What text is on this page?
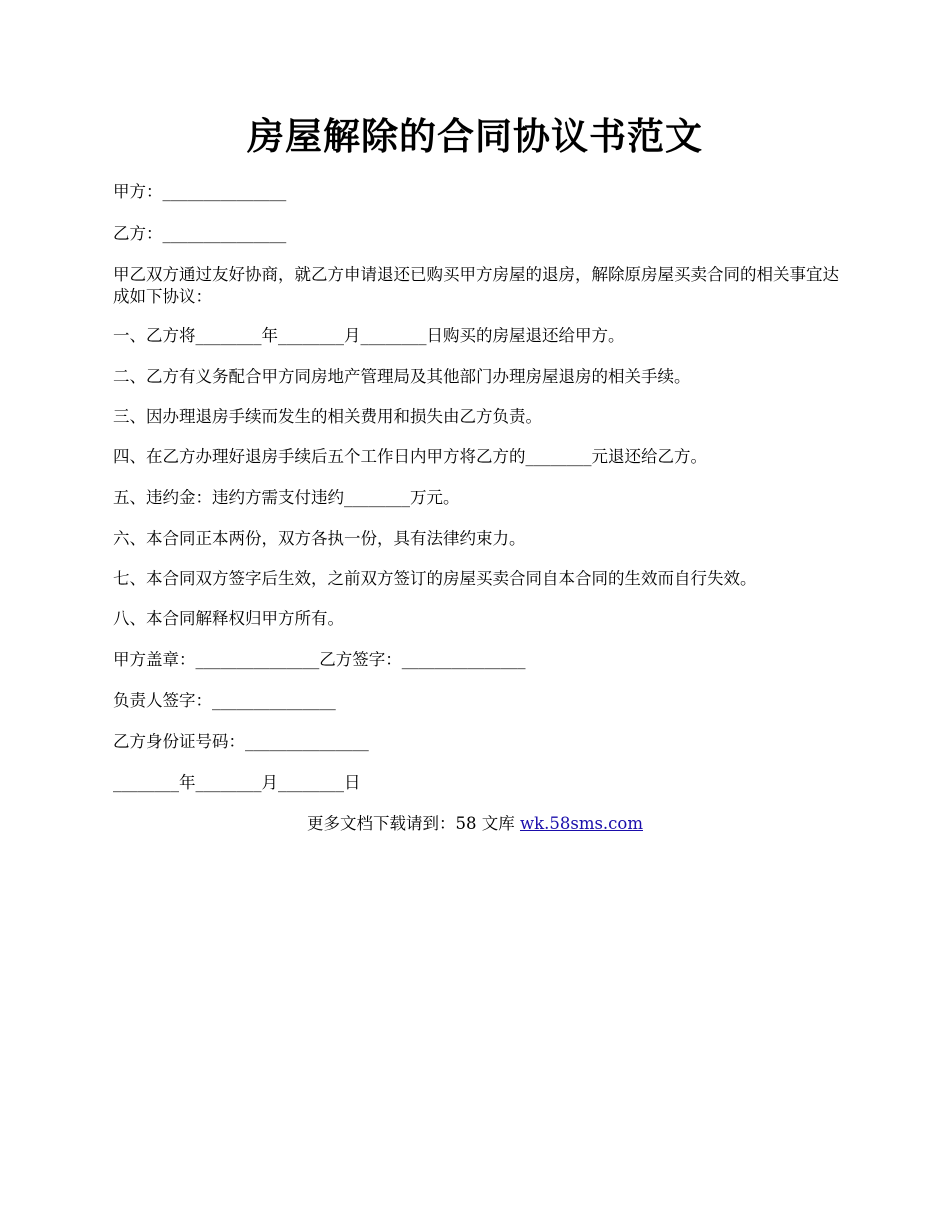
房屋解除的合同协议书范文
甲方：_______________
乙方：_______________
甲乙双方通过友好协商，就乙方申请退还已购买甲方房屋的退房，解除原房屋买卖合同的相关事宜达成如下协议：
一、乙方将________年________月________日购买的房屋退还给甲方。
二、乙方有义务配合甲方同房地产管理局及其他部门办理房屋退房的相关手续。
三、因办理退房手续而发生的相关费用和损失由乙方负责。
四、在乙方办理好退房手续后五个工作日内甲方将乙方的________元退还给乙方。
五、违约金：违约方需支付违约________万元。
六、本合同正本两份，双方各执一份，具有法律约束力。
七、本合同双方签字后生效，之前双方签订的房屋买卖合同自本合同的生效而自行失效。
八、本合同解释权归甲方所有。
甲方盖章：_______________乙方签字：_______________
负责人签字：_______________
乙方身份证号码：_______________
________年________月________日
更多文档下载请到：58 文库 wk.58sms.com
